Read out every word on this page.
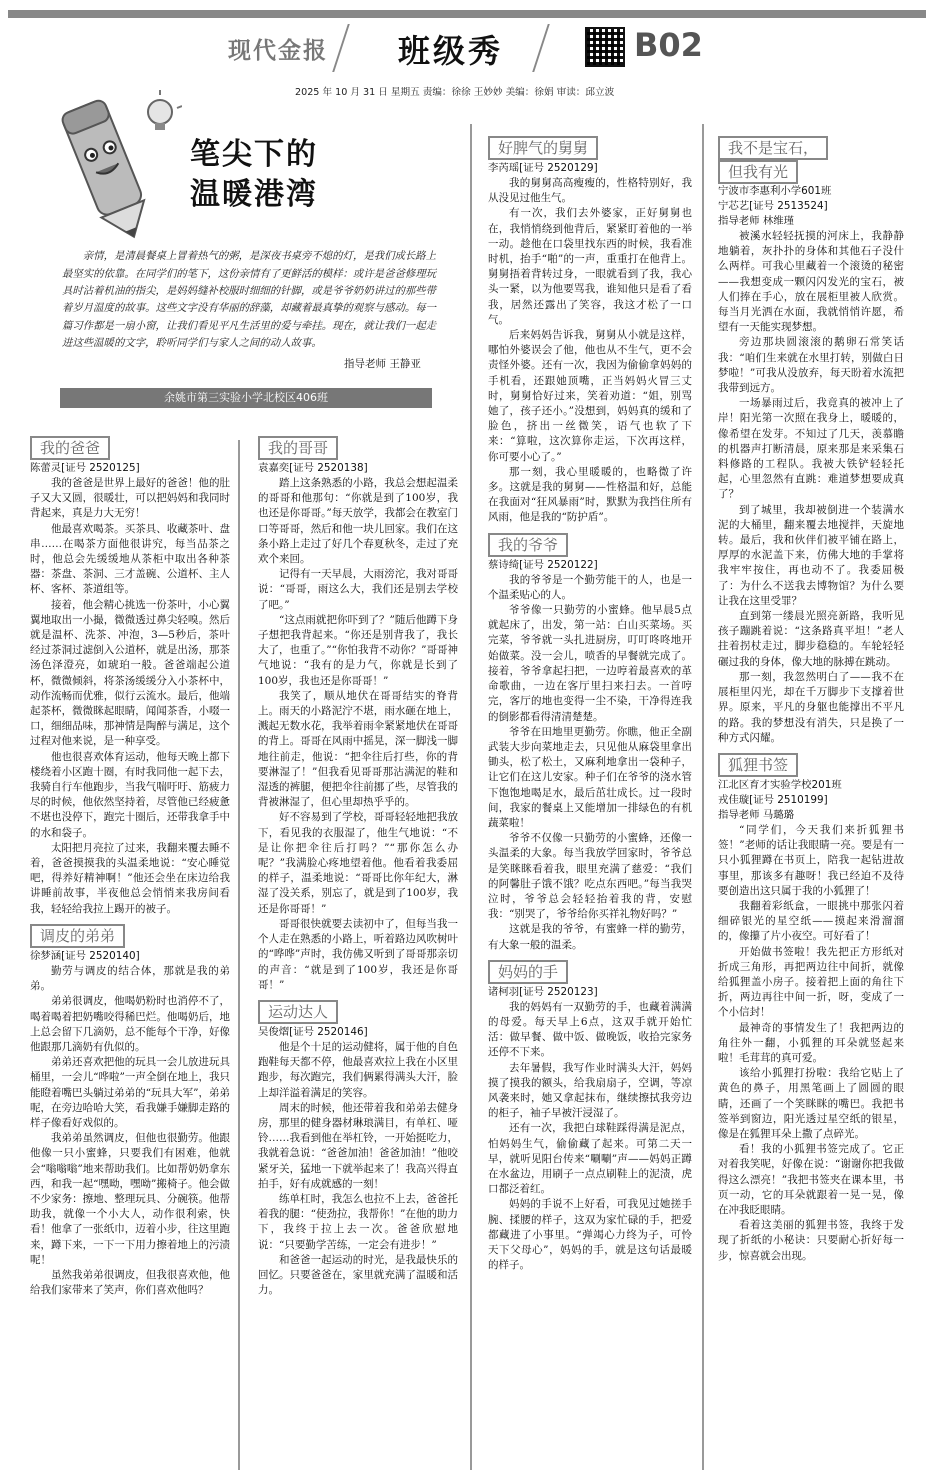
现代金报 班级秀	B02
2025 年 10 月 31 日 星期五 责编：徐徐 王妙妙 美编：徐娟 审读：邱立波
笔尖下的
温暖港湾

亲情，是清晨餐桌上冒着热气的粥，是深夜书桌旁不熄的灯，是我们成长路上最坚实的依靠。在同学们的笔下，这份亲情有了更鲜活的模样：或许是爸爸修理玩具时沾着机油的指尖，是妈妈缝补校服时细细的针脚，或是爷爷奶奶讲过的那些带着岁月温度的故事。这些文字没有华丽的辞藻，却藏着最真挚的观察与感动。每一篇习作都是一扇小窗，让我们看见平凡生活里的爱与牵挂。现在，就让我们一起走进这些温暖的文字，聆听同学们与家人之间的动人故事。

指导老师 王静亚
余姚市第三实验小学北校区406班
我的爸爸
陈蕾灵[证号 2520125]

我的爸爸是世界上最好的爸爸！他的肚子又大又圆，很暖壮，可以把妈妈和我同时背起来，真是力大无穷！

他最喜欢喝茶。买茶具、收藏茶叶、盘串……在喝茶方面他很讲究，每当品茶之时，他总会先缓缓地从茶柜中取出各种茶器：茶盘、茶洞、三才盖碗、公道杯、主人杯、客杯、茶道组等。

接着，他会精心挑选一份茶叶，小心翼翼地取出一小撮，微微透过鼻尖轻嗅。然后就是温杯、洗茶、冲泡，3—5秒后，茶叶经过茶洞过滤倒入公道杯，就是出汤，那茶汤色泽澄亮，如琥珀一般。爸爸端起公道杯，微微倾斜，将茶汤缓缓分入小茶杯中，动作流畅而优雅，似行云流水。最后，他端起茶杯，微微眯起眼睛，闻闻茶香，小啜一口，细细品味，那神情是陶醉与满足，这个过程对他来说，是一种享受。

他也很喜欢体育运动，他每天晚上都下楼绕着小区跑十圈，有时我同他一起下去，我骑自行车他跑步，当我气喘吁吁、筋疲力尽的时候，他依然坚持着，尽管他已经疲惫不堪也没停下，跑完十圈后，还带我拿手中的水和袋子。

太阳把月亮拉了过来，我翻来覆去睡不着，爸爸摸摸我的头温柔地说：“安心睡觉吧，得养好精神啊！”他还会坐在床边给我讲睡前故事，半夜他总会悄悄来我房间看我，轻轻给我拉上踢开的被子。

调皮的弟弟
徐梦涵[证号 2520140]

勤劳与调皮的结合体，那就是我的弟弟。

弟弟很调皮，他喝奶粉时也消停不了，喝着喝着把奶嘴咬得稀巴烂。他喝奶后，地上总会留下几滴奶，总不能每个干净，好像他跟那几滴奶有仇似的。

弟弟还喜欢把他的玩具一会儿放进玩具桶里，一会儿“哗啦”一声全倒在地上，我只能瞪着嘴巴头躺过弟弟的“玩具大军”，弟弟呢，在旁边哈哈大笑，看我嫌手嫌脚走路的样子像看好戏似的。

我弟弟虽然调皮，但他也很勤劳。他跟他像一只小蜜蜂，只要我们有困难，他就会“嗡嗡嗡”地来帮助我们。比如帮奶奶拿东西，和我一起“嘿呦，嘿呦”搬椅子。他会做不少家务：擦地、整理玩具、分碗筷。他帮助我，就像一个小大人，动作很利索，快看！他拿了一张纸巾，迈着小步，往这里跑来，蹲下来，一下一下用力擦着地上的污渍呢！

虽然我弟弟很调皮，但我很喜欢他，他给我们家带来了笑声，你们喜欢他吗？

我的哥哥
袁嘉奕[证号 2520138]

踏上这条熟悉的小路，我总会想起温柔的哥哥和他那句：“你就是到了100岁，我也还是你哥哥。”每天放学，我都会在教室门口等哥哥，然后和他一块儿回家。我们在这条小路上走过了好几个春夏秋冬，走过了充欢个来回。

记得有一天早晨，大雨滂沱，我对哥哥说：“哥哥，雨这么大，我们还是别去学校了吧。”

“这点雨就把你吓到了？”随后他蹲下身子想把我背起来。“你还是别背我了，我长大了，也重了。”“你怕我背不动你？”哥哥神气地说：“我有的是力气，你就是长到了100岁，我也还是你哥哥！”

我笑了，顺从地伏在哥哥结实的脊背上。雨天的小路泥泞不堪，雨水砸在地上，溅起无数水花，我举着雨伞紧紧地伏在哥哥的背上。哥哥在风雨中摇晃，深一脚浅一脚地往前走，他说：“把伞往后打些，你的背要淋湿了！”但我看见哥哥那沾满泥的鞋和湿透的裤腿，便把伞往前挪了些，尽管我的背被淋湿了，但心里却热乎乎的。

好不容易到了学校，哥哥轻轻地把我放下，看见我的衣服湿了，他生气地说：“不是让你把伞往后打吗？”“那你怎么办呢？”我满脸心疼地望着他。他看着我委屈的样子，温柔地说：“哥哥比你年纪大，淋湿了没关系，别忘了，就是到了100岁，我还是你哥哥！”

哥哥很快就要去读初中了，但每当我一个人走在熟悉的小路上，听着路边风吹树叶的“哗哗”声时，我仿佛又听到了哥哥那亲切的声音：“就是到了100岁，我还是你哥哥！”

运动达人
吴俊熠[证号 2520146]

他是个十足的运动健将，属于他的自色跑鞋每天都不停，他最喜欢拉上我在小区里跑步，每次跑完，我们俩累得满头大汗，脸上却洋溢着满足的笑容。

周末的时候，他还带着我和弟弟去健身房，那里的健身器材琳琅满目，有单杠、哑铃……我看到他在举杠铃，一开始挺吃力，我就着急说：“爸爸加油！爸爸加油！”他咬紧牙关，猛地一下就举起来了！我高兴得直拍手，好有成就感的一刻！

练单杠时，我怎么也拉不上去，爸爸托着我的腿：“使劲拉，我帮你！”在他的助力下，我终于拉上去一次。爸爸欣慰地说：“只要勤学苦练，一定会有进步！”

和爸爸一起运动的时光，是我最快乐的回忆。只要爸爸在，家里就充满了温暖和活力。

好脾气的舅舅
李芮瑶[证号 2520129]

我的舅舅高高瘦瘦的，性格特别好，我从没见过他生气。

有一次，我们去外婆家，正好舅舅也在，我悄悄绕到他背后，紧紧盯着他的一举一动。趁他在口袋里找东西的时候，我看准时机，抬手“啪”的一声，重重打在他背上。舅舅捂着背转过身，一眼就看到了我，我心头一紧，以为他要骂我，谁知他只是看了看我，居然还露出了笑容，我这才松了一口气。

后来妈妈告诉我，舅舅从小就是这样，哪怕外婆误会了他，他也从不生气，更不会责怪外婆。还有一次，我因为偷偷拿妈妈的手机看，还跟她顶嘴，正当妈妈火冒三丈时，舅舅恰好过来，笑着劝道：“姐，别骂她了，孩子还小。”没想到，妈妈真的缓和了脸色，挤出一丝微笑，语气也软了下来：“算啦，这次算你走运，下次再这样，你可要小心了。”

那一刻，我心里暖暖的，也略微了许多。这就是我的舅舅——性格温和好，总能在我面对“狂风暴雨”时，默默为我挡住所有风雨，他是我的“防护盾”。

我的爷爷
蔡诗绮[证号 2520122]

我的爷爷是一个勤劳能干的人，也是一个温柔贴心的人。

爷爷像一只勤劳的小蜜蜂。他早晨5点就起床了，出发，第一站：白山买菜场。买完菜，爷爷就一头扎进厨房，叮叮咚咚地开始做菜。没一会儿，喷香的早餐就完成了。接着，爷爷拿起扫把，一边哼着最喜欢的革命歌曲，一边在客厅里扫来扫去。一首哼完，客厅的地也变得一尘不染，干净得连我的倒影都看得清清楚楚。

爷爷在田地里更勤劳。你瞧，他正全副武装大步向菜地走去，只见他从麻袋里拿出锄头，松了松土，又麻利地拿出一袋种子，让它们在这儿安家。种子们在爷爷的浇水管下饱饱地喝足水，最后茁壮成长。过一段时间，我家的餐桌上又能增加一排绿色的有机蔬菜啦！

爷爷不仅像一只勤劳的小蜜蜂，还像一头温柔的大象。每当我放学回家时，爷爷总是笑眯眯看着我，眼里充满了慈爱：“我们的阿馨肚子饿不饿？吃点东西吧。”每当我哭泣时，爷爷总会轻轻抬着我的背，安慰我：“别哭了，爷爷给你买祥礼物好吗？”

这就是我的爷爷，有蜜蜂一样的勤劳，有大象一般的温柔。

妈妈的手
诸柯羽[证号 2520123]

我的妈妈有一双勤劳的手，也藏着满满的母爱。每天早上6点，这双手就开始忙活：做早餐、做中饭、做晚饭，收拾完家务还停不下来。

去年暑假，我写作业时满头大汗，妈妈摸了摸我的额头，给我扇扇子，空调，等凉风袭来时，她又拿起抹布，继续擦拭我旁边的柜子，袖子早被汗浸湿了。

还有一次，我把白球鞋踩得满是泥点，怕妈妈生气，偷偷藏了起来。可第二天一早，就听见阳台传来“唰唰”声——妈妈正蹲在水盆边，用刷子一点点刷鞋上的泥渍，虎口都泛着红。

妈妈的手说不上好看，可我见过她搓手腕、揉腰的样子，这双为家忙碌的手，把爱都藏进了小事里。“弹竭心力终为子，可怜天下父母心”，妈妈的手，就是这句话最暖的样子。

我不是宝石，
但我有光
宁波市李惠利小学601班
宁芯艺[证号 2513524]
指导老师 林维瑾

被溪水轻轻抚摸的河床上，我静静地躺着，灰扑扑的身体和其他石子没什么两样。可我心里藏着一个滚烫的秘密——我想变成一颗闪闪发光的宝石，被人们捧在手心，放在展柜里被人欣赏。每当月光洒在水面，我就悄悄许愿，希望有一天能实现梦想。

旁边那块圆滚滚的鹅卵石常笑话我：“咱们生来就在水里打转，别做白日梦啦！”可我从没放弃，每天盼着水流把我带到远方。

一场暴雨过后，我竟真的被冲上了岸！阳光第一次照在我身上，暖暖的，像希望在发芽。不知过了几天，羡慕瞻的机器声打断清晨，原来那是来采集石料修路的工程队。我被大铁铲轻轻托起，心里忽然有直跳：难道梦想要成真了？

到了城里，我却被倒进一个装满水泥的大桶里，翻来覆去地搅拌，天旋地转。最后，我和伙伴们被平铺在路上，厚厚的水泥盖下来，仿佛大地的手掌将我牢牢按住，再也动不了。我委屈极了：为什么不送我去博物馆？为什么要让我在这里受罪？

直到第一缕晨光照亮新路，我听见孩子蹦跳着说：“这条路真平坦！”老人拄着拐杖走过，脚步稳稳的。车轮轻轻碾过我的身体，像大地的脉搏在跳动。

那一刻，我忽然明白了——我不在展柜里闪光，却在千万脚步下支撑着世界。原来，平凡的身躯也能撑出不平凡的路。我的梦想没有消失，只是换了一种方式闪耀。

狐狸书签
江北区育才实验学校201班
戎佳璇[证号 2510199]
指导老师 马璐璐

“同学们，今天我们来折狐狸书签！”老师的话让我眼睛一亮。要是有一只小狐狸蹲在书页上，陪我一起钻进故事里，那该多有趣呀！我已经迫不及待要创造出这只属于我的小狐狸了！

我翻着彩纸盒，一眼挑中那张闪着细碎银光的星空纸——摸起来滑溜溜的，像攥了片小夜空。可好看了！

开始做书签啦！我先把正方形纸对折成三角形，再把两边往中间折，就像给狐狸盖小房子。接着把上面的角往下折，两边再往中间一折，呀，变成了一个小信封！

最神奇的事情发生了！我把两边的角往外一翻，小狐狸的耳朵就竖起来啦！毛茸茸的真可爱。

该给小狐狸打扮啦：我给它贴上了黄色的鼻子，用黑笔画上了圆圆的眼睛，还画了一个笑眯眯的嘴巴。我把书签举到窗边，阳光透过星空纸的银星，像是在狐狸耳朵上撒了点碎光。

看！我的小狐狸书签完成了。它正对着我笑呢，好像在说：“谢谢你把我做得这么漂亮！”我把书签夹在课本里，书页一动，它的耳朵就跟着一晃一晃，像在冲我眨眼睛。

看着这美丽的狐狸书签，我终于发现了折纸的小秘诀：只要耐心折好每一步，惊喜就会出现。
